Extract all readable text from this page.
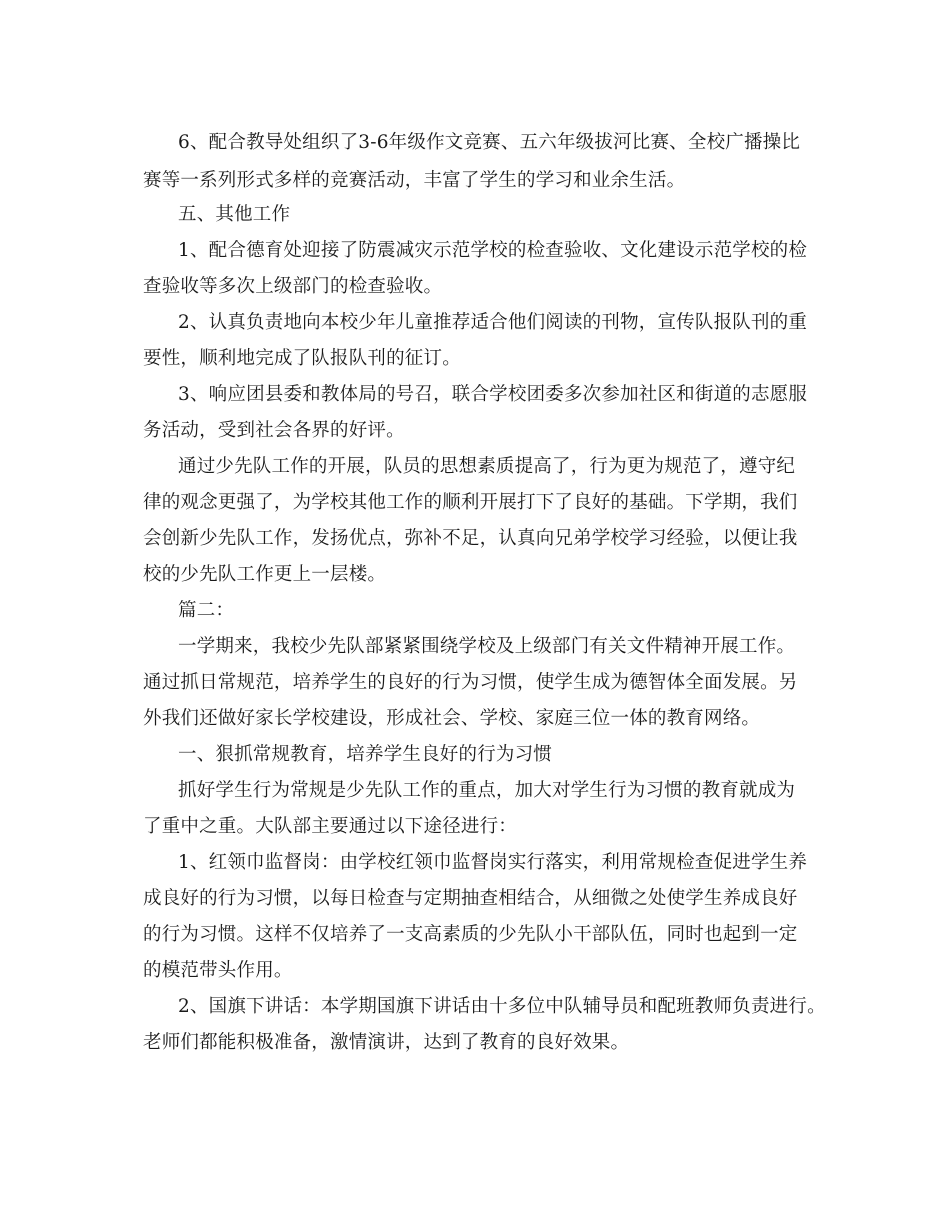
6、配合教导处组织了3-6年级作文竞赛、五六年级拔河比赛、全校广播操比
赛等一系列形式多样的竞赛活动，丰富了学生的学习和业余生活。
五、其他工作
1、配合德育处迎接了防震减灾示范学校的检查验收、文化建设示范学校的检
查验收等多次上级部门的检查验收。
2、认真负责地向本校少年儿童推荐适合他们阅读的刊物，宣传队报队刊的重
要性，顺利地完成了队报队刊的征订。
3、响应团县委和教体局的号召，联合学校团委多次参加社区和街道的志愿服
务活动，受到社会各界的好评。
通过少先队工作的开展，队员的思想素质提高了，行为更为规范了，遵守纪
律的观念更强了，为学校其他工作的顺利开展打下了良好的基础。下学期，我们
会创新少先队工作，发扬优点，弥补不足，认真向兄弟学校学习经验，以便让我
校的少先队工作更上一层楼。
篇二：
一学期来，我校少先队部紧紧围绕学校及上级部门有关文件精神开展工作。
通过抓日常规范，培养学生的良好的行为习惯，使学生成为德智体全面发展。另
外我们还做好家长学校建设，形成社会、学校、家庭三位一体的教育网络。
一、狠抓常规教育，培养学生良好的行为习惯
抓好学生行为常规是少先队工作的重点，加大对学生行为习惯的教育就成为
了重中之重。大队部主要通过以下途径进行：
1、红领巾监督岗：由学校红领巾监督岗实行落实，利用常规检查促进学生养
成良好的行为习惯，以每日检查与定期抽查相结合，从细微之处使学生养成良好
的行为习惯。这样不仅培养了一支高素质的少先队小干部队伍，同时也起到一定
的模范带头作用。
2、国旗下讲话：本学期国旗下讲话由十多位中队辅导员和配班教师负责进行。
老师们都能积极准备，激情演讲，达到了教育的良好效果。
